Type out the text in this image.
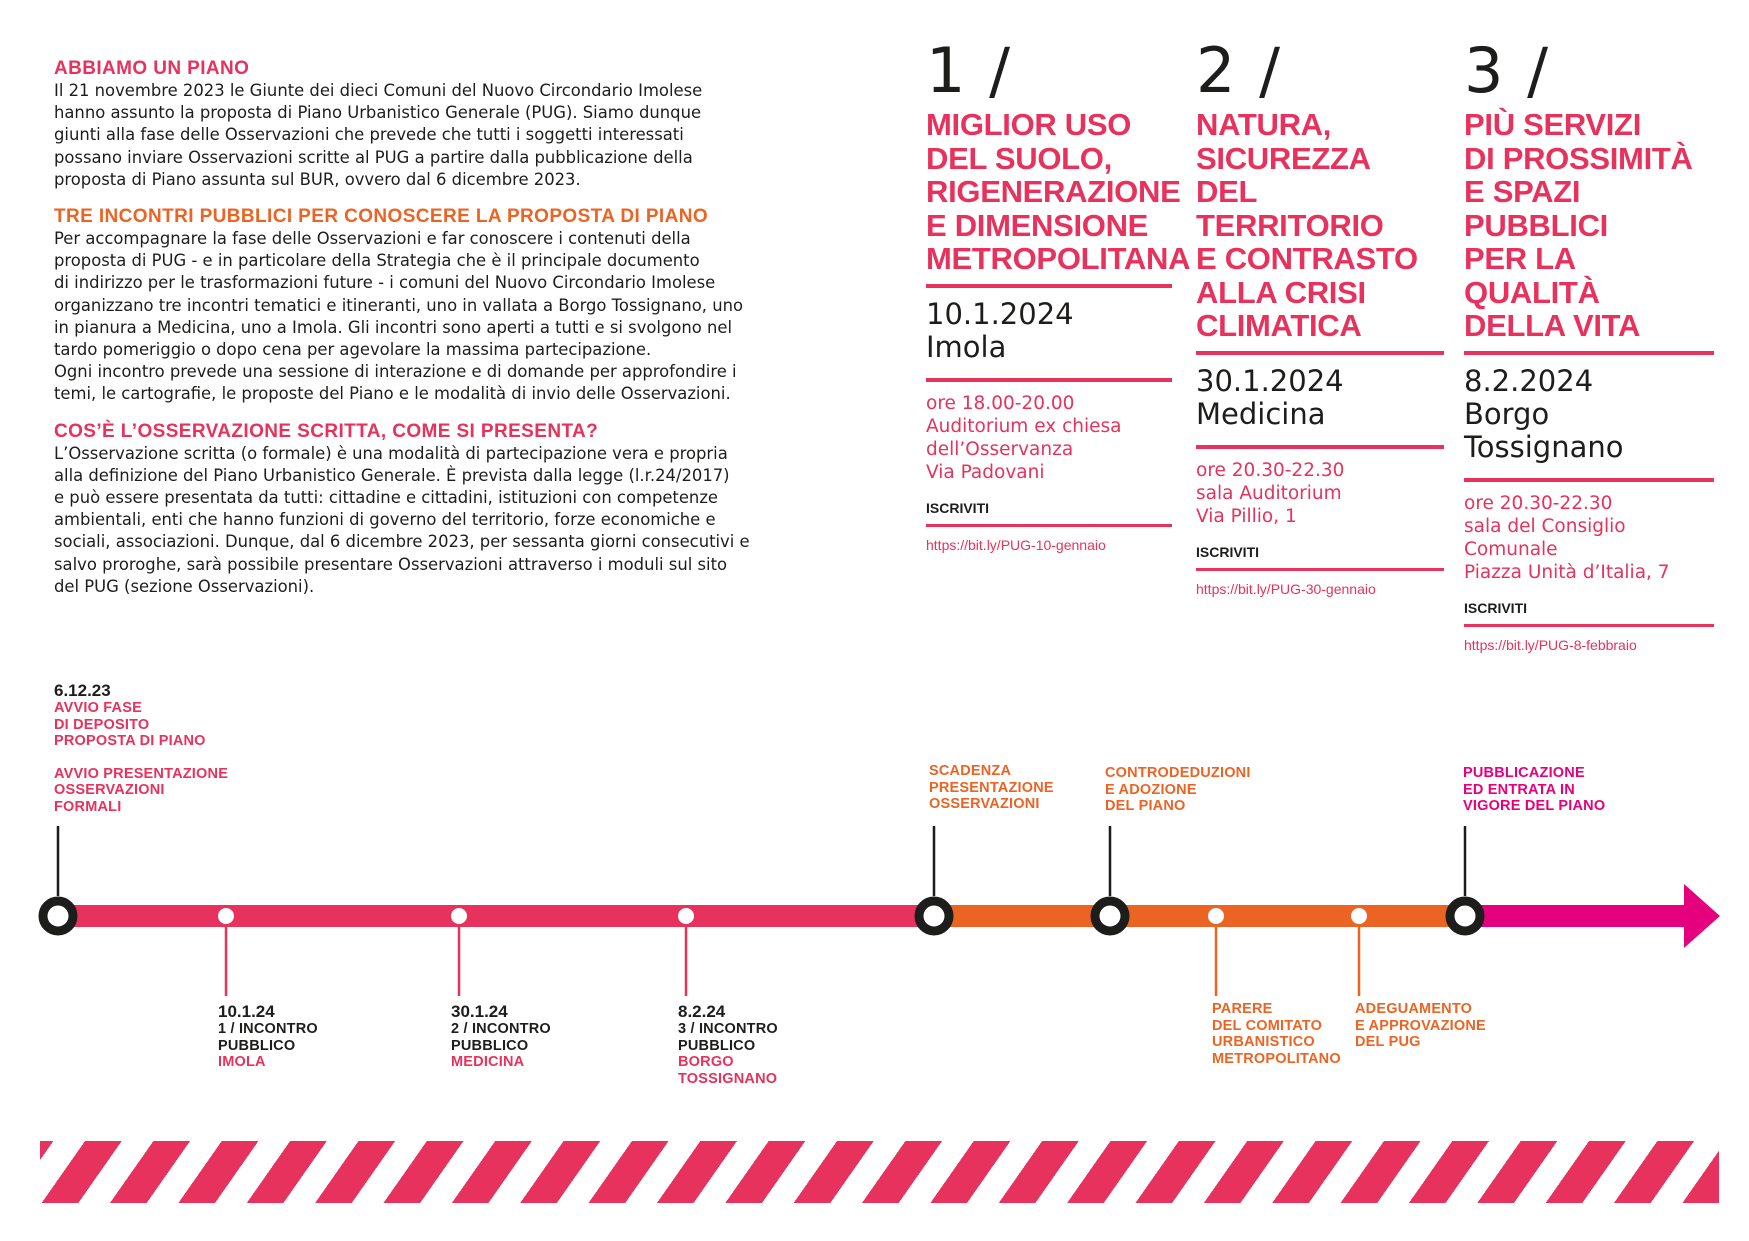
ABBIAMO UN PIANO
Il 21 novembre 2023 le Giunte dei dieci Comuni del Nuovo Circondario Imolese
hanno assunto la proposta di Piano Urbanistico Generale (PUG). Siamo dunque
giunti alla fase delle Osservazioni che prevede che tutti i soggetti interessati
possano inviare Osservazioni scritte al PUG a partire dalla pubblicazione della
proposta di Piano assunta sul BUR, ovvero dal 6 dicembre 2023.
TRE INCONTRI PUBBLICI PER CONOSCERE LA PROPOSTA DI PIANO
Per accompagnare la fase delle Osservazioni e far conoscere i contenuti della
proposta di PUG - e in particolare della Strategia che è il principale documento
di indirizzo per le trasformazioni future - i comuni del Nuovo Circondario Imolese
organizzano tre incontri tematici e itineranti, uno in vallata a Borgo Tossignano, uno
in pianura a Medicina, uno a Imola. Gli incontri sono aperti a tutti e si svolgono nel
tardo pomeriggio o dopo cena per agevolare la massima partecipazione.
Ogni incontro prevede una sessione di interazione e di domande per approfondire i
temi, le cartografie, le proposte del Piano e le modalità di invio delle Osservazioni.
COS’È L’OSSERVAZIONE SCRITTA, COME SI PRESENTA?
L’Osservazione scritta (o formale) è una modalità di partecipazione vera e propria
alla definizione del Piano Urbanistico Generale. È prevista dalla legge (l.r.24/2017)
e può essere presentata da tutti: cittadine e cittadini, istituzioni con competenze
ambientali, enti che hanno funzioni di governo del territorio, forze economiche e
sociali, associazioni. Dunque, dal 6 dicembre 2023, per sessanta giorni consecutivi e
salvo proroghe, sarà possibile presentare Osservazioni attraverso i moduli sul sito
del PUG (sezione Osservazioni).
1 /
MIGLIOR USO
DEL SUOLO,
RIGENERAZIONE
E DIMENSIONE
METROPOLITANA
10.1.2024
Imola
ore 18.00-20.00
Auditorium ex chiesa
dell’Osservanza
Via Padovani
ISCRIVITI
https://bit.ly/PUG-10-gennaio
2 /
NATURA,
SICUREZZA
DEL TERRITORIO
E CONTRASTO
ALLA CRISI
CLIMATICA
30.1.2024
Medicina
ore 20.30-22.30
sala Auditorium
Via Pillio, 1
ISCRIVITI
https://bit.ly/PUG-30-gennaio
3 /
PIÙ SERVIZI
DI PROSSIMITÀ
E SPAZI PUBBLICI
PER LA QUALITÀ
DELLA VITA
8.2.2024
Borgo
Tossignano
ore 20.30-22.30
sala del Consiglio Comunale
Piazza Unità d’Italia, 7
ISCRIVITI
https://bit.ly/PUG-8-febbraio
6.12.23
AVVIO FASE
DI DEPOSITO
PROPOSTA DI PIANO
AVVIO PRESENTAZIONE
OSSERVAZIONI
FORMALI
SCADENZA
PRESENTAZIONE
OSSERVAZIONI
CONTRODEDUZIONI
E ADOZIONE
DEL PIANO
PUBBLICAZIONE
ED ENTRATA IN
VIGORE DEL PIANO
10.1.24
1 / INCONTRO
PUBBLICO
IMOLA
30.1.24
2 / INCONTRO
PUBBLICO
MEDICINA
8.2.24
3 / INCONTRO
PUBBLICO
BORGO
TOSSIGNANO
PARERE
DEL COMITATO
URBANISTICO
METROPOLITANO
ADEGUAMENTO
E APPROVAZIONE
DEL PUG
